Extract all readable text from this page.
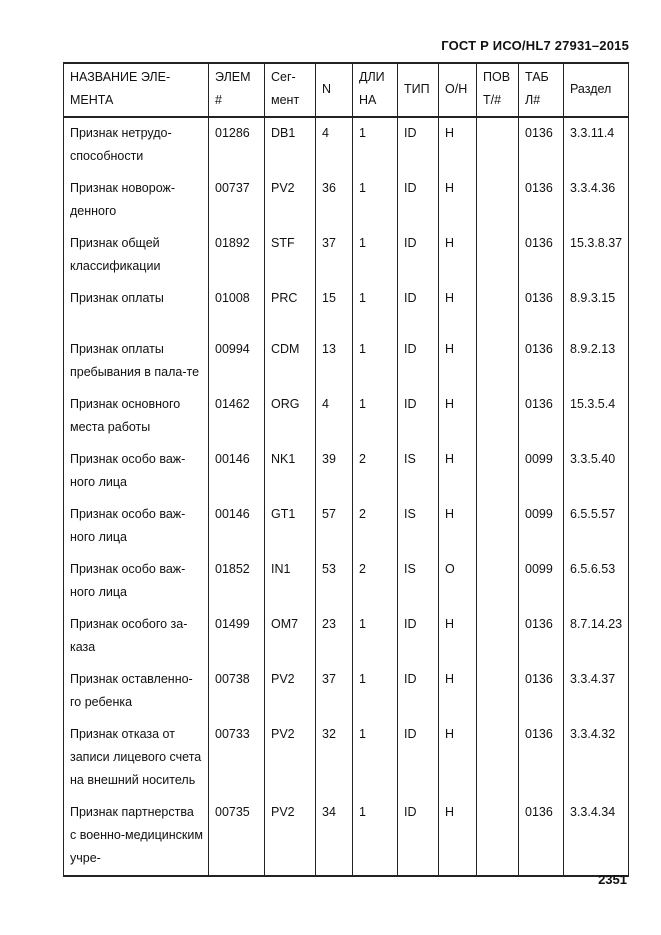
ГОСТ Р ИСО/HL7 27931–2015
НАЗВАНИЕ ЭЛЕ-МЕНТА	ЭЛЕМ #	Сег-мент	N	ДЛИ НА	ТИП	О/Н	ПОВ Т/#	ТАБ Л#	Раздел
Признак нетрудо-способности	01286	DB1	4	1	ID	Н		0136	3.3.11.4
Признак новорож-денного	00737	PV2	36	1	ID	Н		0136	3.3.4.36
Признак общей классификации	01892	STF	37	1	ID	Н		0136	15.3.8.37
Признак оплаты	01008	PRC	15	1	ID	Н		0136	8.9.3.15
Признак оплаты пребывания в пала-те	00994	CDM	13	1	ID	Н		0136	8.9.2.13
Признак основного места работы	01462	ORG	4	1	ID	Н		0136	15.3.5.4
Признак особо важ-ного лица	00146	NK1	39	2	IS	Н		0099	3.3.5.40
Признак особо важ-ного лица	00146	GT1	57	2	IS	Н		0099	6.5.5.57
Признак особо важ-ного лица	01852	IN1	53	2	IS	О		0099	6.5.6.53
Признак особого за-каза	01499	OM7	23	1	ID	Н		0136	8.7.14.23
Признак оставленно-го ребенка	00738	PV2	37	1	ID	Н		0136	3.3.4.37
Признак отказа от записи лицевого счета на внешний носитель	00733	PV2	32	1	ID	Н		0136	3.3.4.32
Признак партнерства с военно-медицинским учре-	00735	PV2	34	1	ID	Н		0136	3.3.4.34
2351
